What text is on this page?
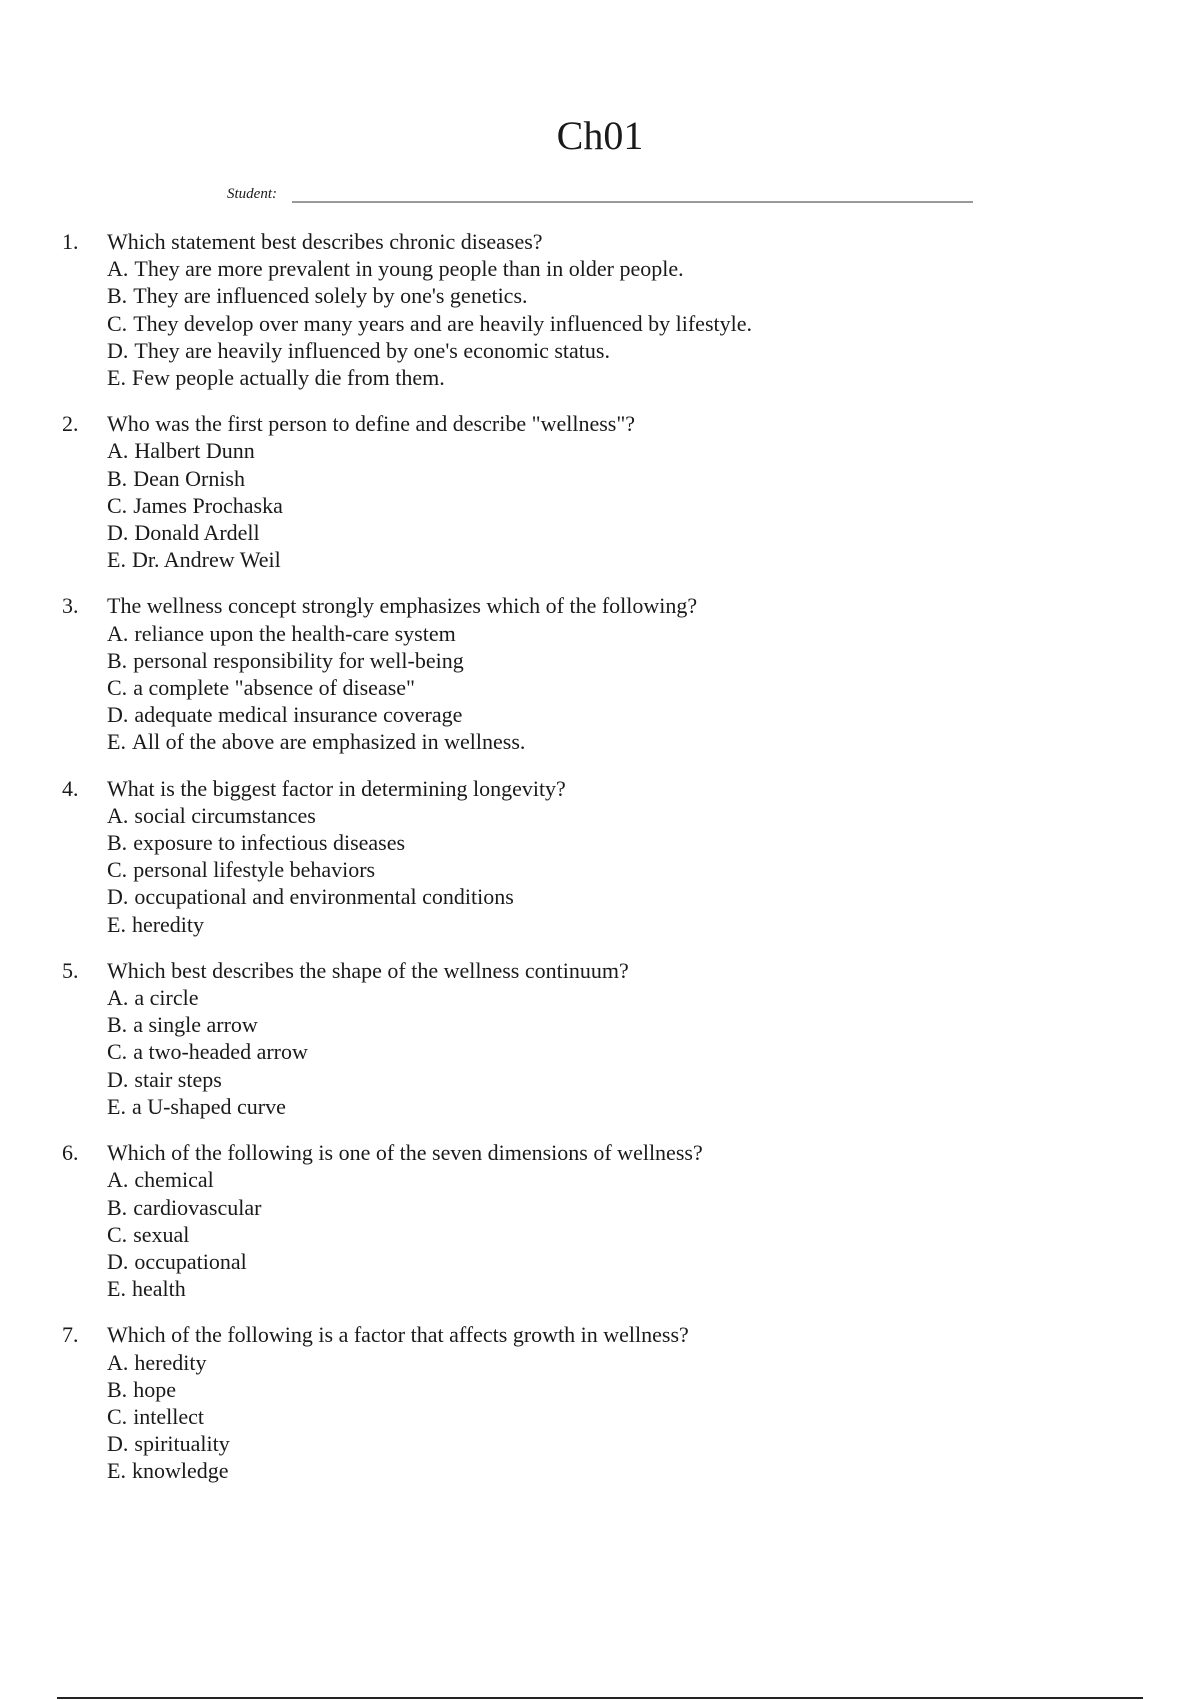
Ch01
Student:
1. Which statement best describes chronic diseases?
A. They are more prevalent in young people than in older people.
B. They are influenced solely by one's genetics.
C. They develop over many years and are heavily influenced by lifestyle.
D. They are heavily influenced by one's economic status.
E. Few people actually die from them.
2. Who was the first person to define and describe "wellness"?
A. Halbert Dunn
B. Dean Ornish
C. James Prochaska
D. Donald Ardell
E. Dr. Andrew Weil
3. The wellness concept strongly emphasizes which of the following?
A. reliance upon the health-care system
B. personal responsibility for well-being
C. a complete "absence of disease"
D. adequate medical insurance coverage
E. All of the above are emphasized in wellness.
4. What is the biggest factor in determining longevity?
A. social circumstances
B. exposure to infectious diseases
C. personal lifestyle behaviors
D. occupational and environmental conditions
E. heredity
5. Which best describes the shape of the wellness continuum?
A. a circle
B. a single arrow
C. a two-headed arrow
D. stair steps
E. a U-shaped curve
6. Which of the following is one of the seven dimensions of wellness?
A. chemical
B. cardiovascular
C. sexual
D. occupational
E. health
7. Which of the following is a factor that affects growth in wellness?
A. heredity
B. hope
C. intellect
D. spirituality
E. knowledge
